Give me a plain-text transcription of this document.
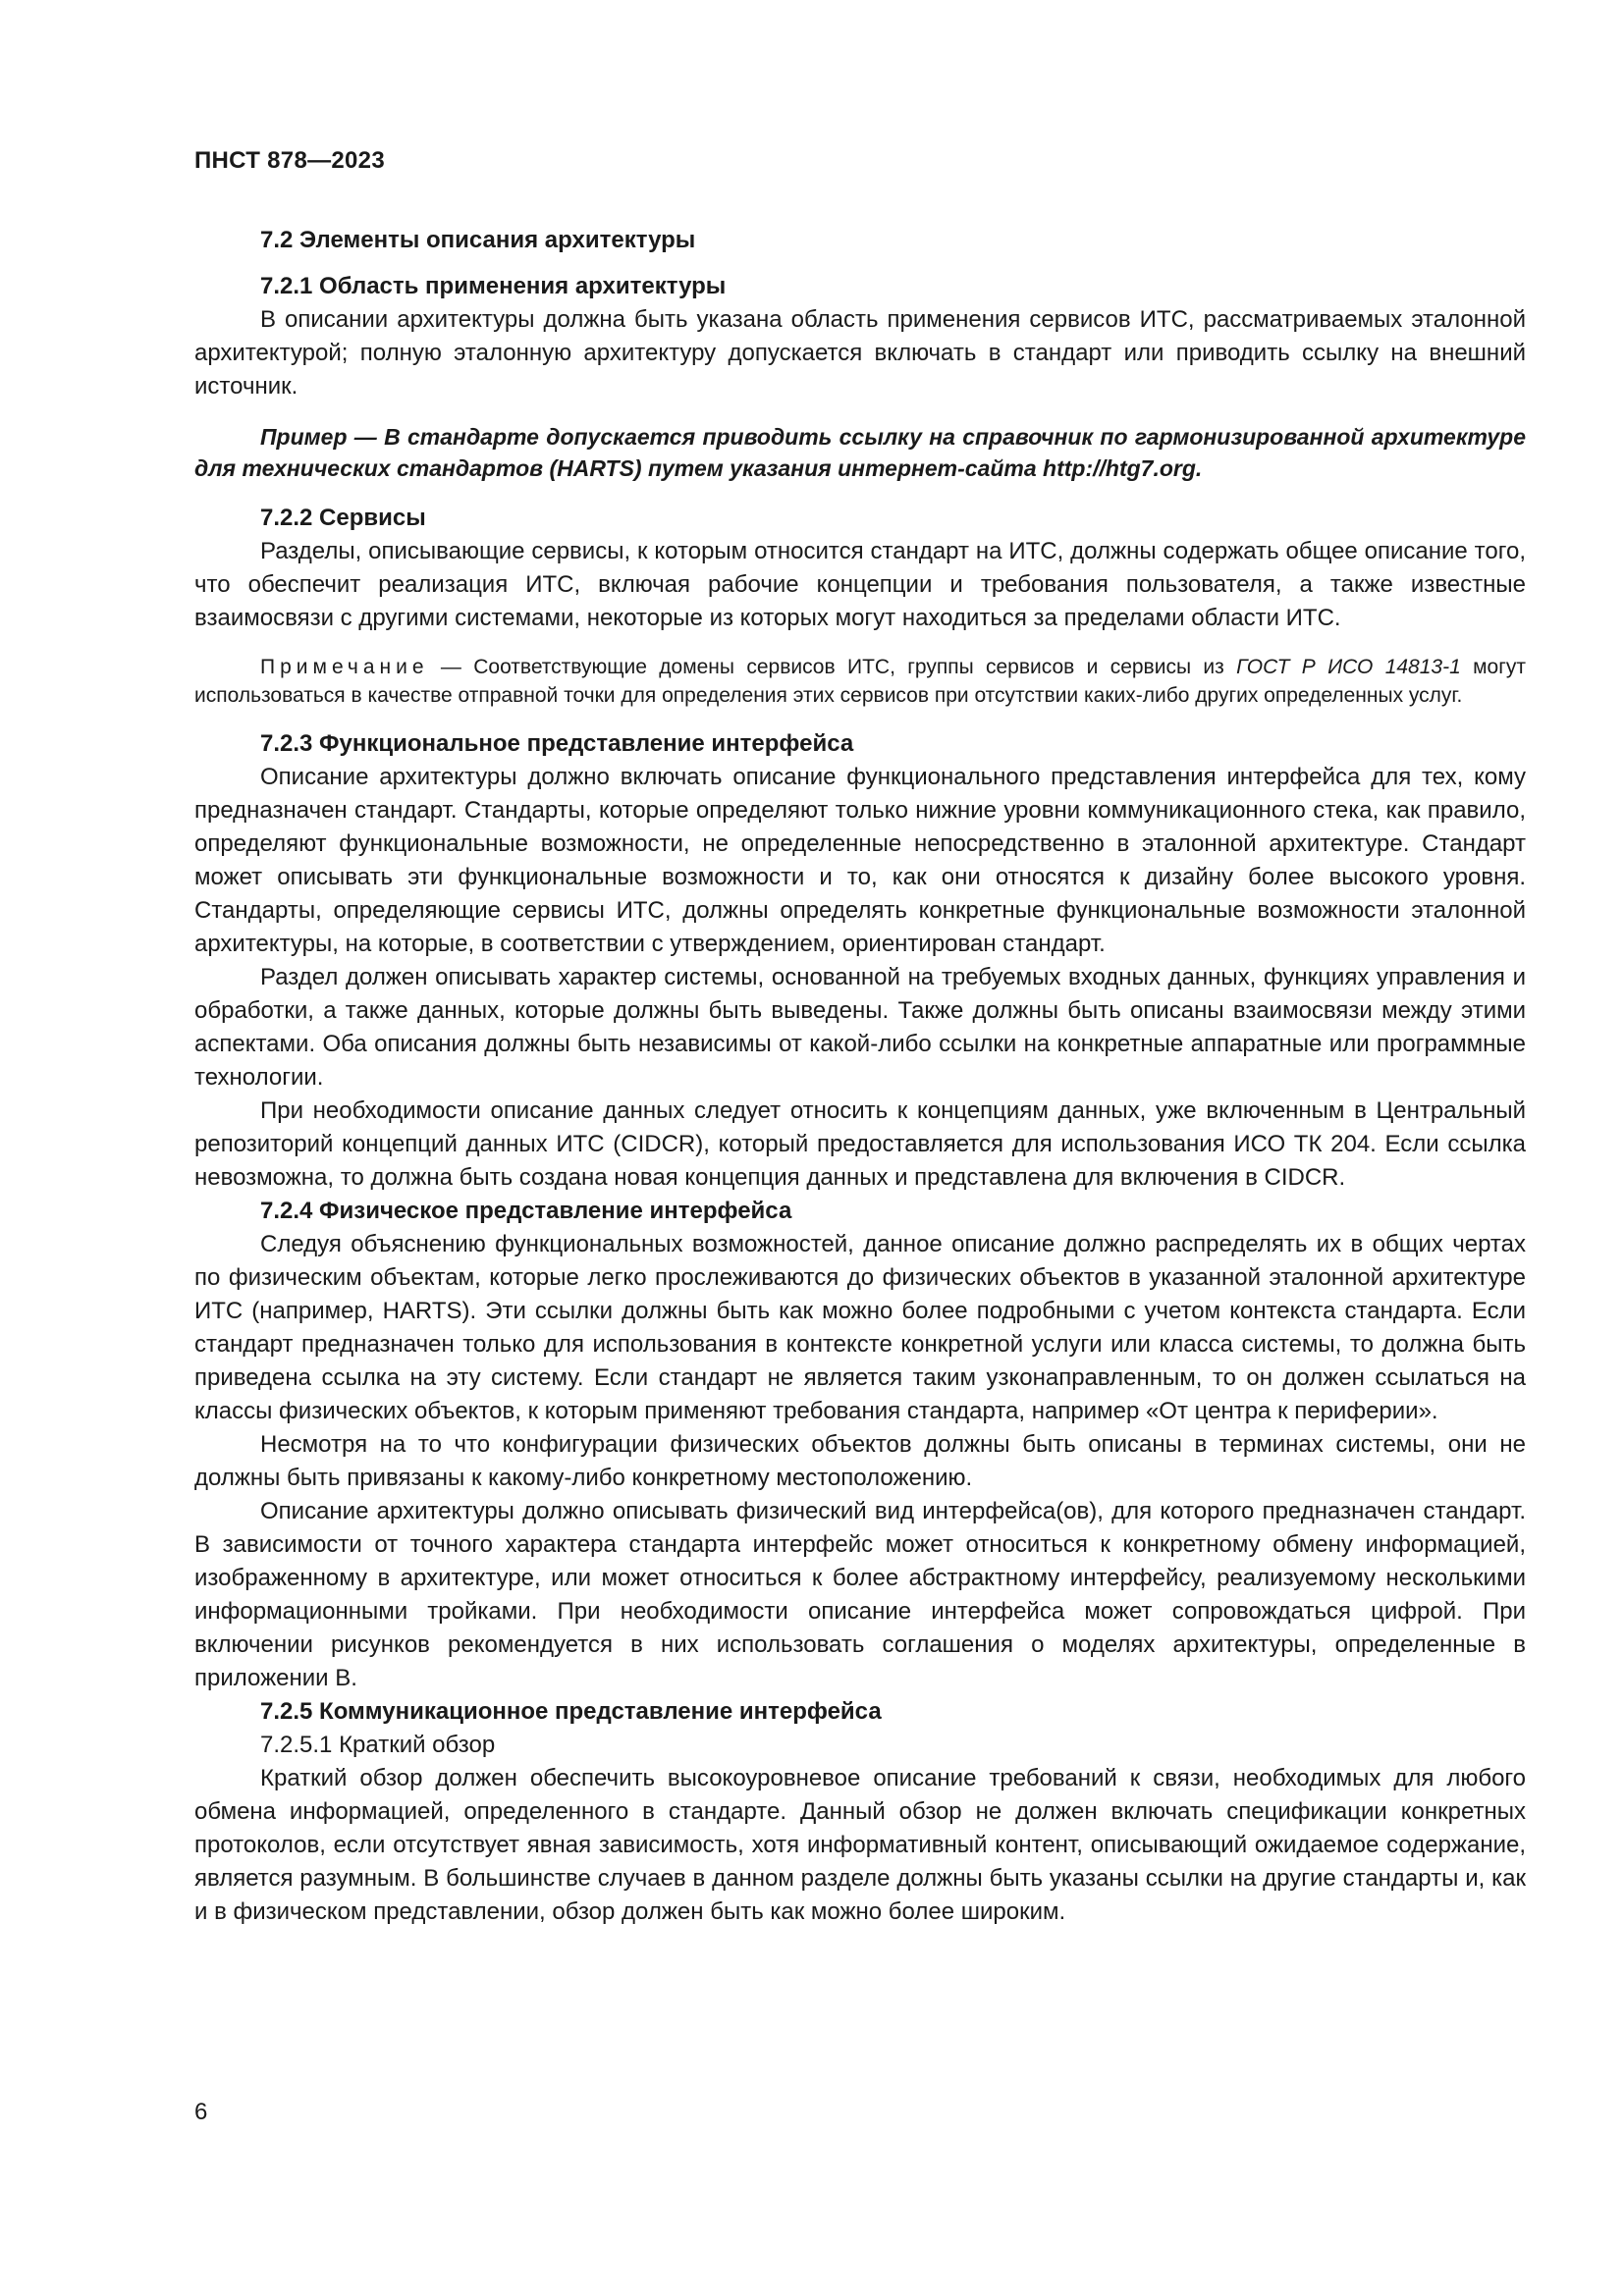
ПНСТ 878—2023
7.2 Элементы описания архитектуры
7.2.1 Область применения архитектуры

В описании архитектуры должна быть указана область применения сервисов ИТС, рассматриваемых эталонной архитектурой; полную эталонную архитектуру допускается включать в стандарт или приводить ссылку на внешний источник.

Пример — В стандарте допускается приводить ссылку на справочник по гармонизированной архитектуре для технических стандартов (HARTS) путем указания интернет-сайта http://htg7.org.

7.2.2 Сервисы

Разделы, описывающие сервисы, к которым относится стандарт на ИТС, должны содержать общее описание того, что обеспечит реализация ИТС, включая рабочие концепции и требования пользователя, а также известные взаимосвязи с другими системами, некоторые из которых могут находиться за пределами области ИТС.

Примечание — Соответствующие домены сервисов ИТС, группы сервисов и сервисы из ГОСТ Р ИСО 14813-1 могут использоваться в качестве отправной точки для определения этих сервисов при отсутствии каких-либо других определенных услуг.

7.2.3 Функциональное представление интерфейса

Описание архитектуры должно включать описание функционального представления интерфейса для тех, кому предназначен стандарт. Стандарты, которые определяют только нижние уровни коммуникационного стека, как правило, определяют функциональные возможности, не определенные непосредственно в эталонной архитектуре. Стандарт может описывать эти функциональные возможности и то, как они относятся к дизайну более высокого уровня. Стандарты, определяющие сервисы ИТС, должны определять конкретные функциональные возможности эталонной архитектуры, на которые, в соответствии с утверждением, ориентирован стандарт.

Раздел должен описывать характер системы, основанной на требуемых входных данных, функциях управления и обработки, а также данных, которые должны быть выведены. Также должны быть описаны взаимосвязи между этими аспектами. Оба описания должны быть независимы от какой-либо ссылки на конкретные аппаратные или программные технологии.

При необходимости описание данных следует относить к концепциям данных, уже включенным в Центральный репозиторий концепций данных ИТС (CIDCR), который предоставляется для использования ИСО ТК 204. Если ссылка невозможна, то должна быть создана новая концепция данных и представлена для включения в CIDCR.

7.2.4 Физическое представление интерфейса

Следуя объяснению функциональных возможностей, данное описание должно распределять их в общих чертах по физическим объектам, которые легко прослеживаются до физических объектов в указанной эталонной архитектуре ИТС (например, HARTS). Эти ссылки должны быть как можно более подробными с учетом контекста стандарта. Если стандарт предназначен только для использования в контексте конкретной услуги или класса системы, то должна быть приведена ссылка на эту систему. Если стандарт не является таким узконаправленным, то он должен ссылаться на классы физических объектов, к которым применяют требования стандарта, например «От центра к периферии».

Несмотря на то что конфигурации физических объектов должны быть описаны в терминах системы, они не должны быть привязаны к какому-либо конкретному местоположению.

Описание архитектуры должно описывать физический вид интерфейса(ов), для которого предназначен стандарт. В зависимости от точного характера стандарта интерфейс может относиться к конкретному обмену информацией, изображенному в архитектуре, или может относиться к более абстрактному интерфейсу, реализуемому несколькими информационными тройками. При необходимости описание интерфейса может сопровождаться цифрой. При включении рисунков рекомендуется в них использовать соглашения о моделях архитектуры, определенные в приложении В.

7.2.5 Коммуникационное представление интерфейса
7.2.5.1 Краткий обзор

Краткий обзор должен обеспечить высокоуровневое описание требований к связи, необходимых для любого обмена информацией, определенного в стандарте. Данный обзор не должен включать спецификации конкретных протоколов, если отсутствует явная зависимость, хотя информативный контент, описывающий ожидаемое содержание, является разумным. В большинстве случаев в данном разделе должны быть указаны ссылки на другие стандарты и, как и в физическом представлении, обзор должен быть как можно более широким.

6
